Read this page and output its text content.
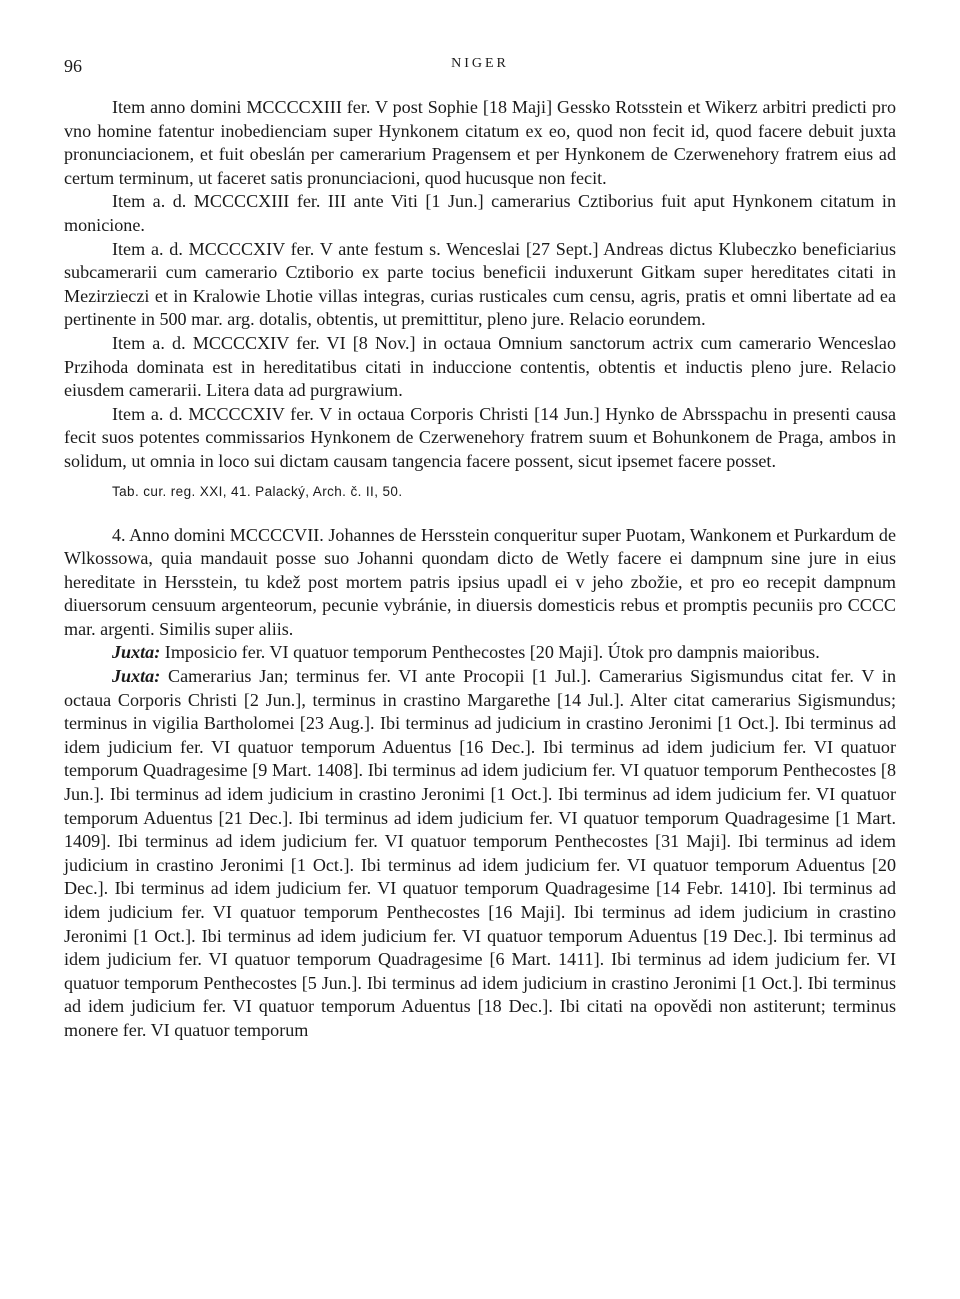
96	NIGER

Item anno domini MCCCCXIII fer. V post Sophie [18 Maji] Gessko Rotsstein et Wikerz arbitri predicti pro vno homine fatentur inobedienciam super Hynkonem citatum ex eo, quod non fecit id, quod facere debuit juxta pronunciacionem, et fuit obeslán per camerarium Pragensem et per Hynkonem de Czerwenehory fratrem eius ad certum terminum, ut faceret satis pronunciacioni, quod hucusque non fecit.

Item a. d. MCCCCXIII fer. III ante Viti [1 Jun.] camerarius Cztiborius fuit aput Hynkonem citatum in monicione.

Item a. d. MCCCCXIV fer. V ante festum s. Wenceslai [27 Sept.] Andreas dictus Klubeczko beneficiarius subcamerarii cum camerario Cztiborio ex parte tocius beneficii induxerunt Gitkam super hereditates citati in Mezirzieczi et in Kralowie Lhotie villas integras, curias rusticales cum censu, agris, pratis et omni libertate ad ea pertinente in 500 mar. arg. dotalis, obtentis, ut premittitur, pleno jure. Relacio eorundem.

Item a. d. MCCCCXIV fer. VI [8 Nov.] in octaua Omnium sanctorum actrix cum camerario Wenceslao Przihoda dominata est in hereditatibus citati in induccione contentis, obtentis et inductis pleno jure. Relacio eiusdem camerarii. Litera data ad purgrawium.

Item a. d. MCCCCXIV fer. V in octaua Corporis Christi [14 Jun.] Hynko de Abrsspachu in presenti causa fecit suos potentes commissarios Hynkonem de Czerwenehory fratrem suum et Bohunkonem de Praga, ambos in solidum, ut omnia in loco sui dictam causam tangencia facere possent, sicut ipsemet facere posset.

Tab. cur. reg. XXI, 41. Palacký, Arch. č. II, 50.

4. Anno domini MCCCCVII. Johannes de Hersstein conqueritur super Puotam, Wankonem et Purkardum de Wlkossowa, quia mandauit posse suo Johanni quondam dicto de Wetly facere ei dampnum sine jure in eius hereditate in Hersstein, tu kdež post mortem patris ipsius upadl ei v jeho zbožie, et pro eo recepit dampnum diuersorum censuum argenteorum, pecunie vybránie, in diuersis domesticis rebus et promptis pecuniis pro CCCC mar. argenti. Similis super aliis.

Juxta: Imposicio fer. VI quatuor temporum Penthecostes [20 Maji]. Útok pro dampnis maioribus.

Juxta: Camerarius Jan; terminus fer. VI ante Procopii [1 Jul.]. Camerarius Sigismundus citat fer. V in octaua Corporis Christi [2 Jun.], terminus in crastino Margarethe [14 Jul.]. Alter citat camerarius Sigismundus; terminus in vigilia Bartholomei [23 Aug.]. Ibi terminus ad judicium in crastino Jeronimi [1 Oct.]. Ibi terminus ad idem judicium fer. VI quatuor temporum Aduentus [16 Dec.]. Ibi terminus ad idem judicium fer. VI quatuor temporum Quadragesime [9 Mart. 1408]. Ibi terminus ad idem judicium fer. VI quatuor temporum Penthecostes [8 Jun.]. Ibi terminus ad idem judicium in crastino Jeronimi [1 Oct.]. Ibi terminus ad idem judicium fer. VI quatuor temporum Aduentus [21 Dec.]. Ibi terminus ad idem judicium fer. VI quatuor temporum Quadragesime [1 Mart. 1409]. Ibi terminus ad idem judicium fer. VI quatuor temporum Penthecostes [31 Maji]. Ibi terminus ad idem judicium in crastino Jeronimi [1 Oct.]. Ibi terminus ad idem judicium fer. VI quatuor temporum Aduentus [20 Dec.]. Ibi terminus ad idem judicium fer. VI quatuor temporum Quadragesime [14 Febr. 1410]. Ibi terminus ad idem judicium fer. VI quatuor temporum Penthecostes [16 Maji]. Ibi terminus ad idem judicium in crastino Jeronimi [1 Oct.]. Ibi terminus ad idem judicium fer. VI quatuor temporum Aduentus [19 Dec.]. Ibi terminus ad idem judicium fer. VI quatuor temporum Quadragesime [6 Mart. 1411]. Ibi terminus ad idem judicium fer. VI quatuor temporum Penthecostes [5 Jun.]. Ibi terminus ad idem judicium in crastino Jeronimi [1 Oct.]. Ibi terminus ad idem judicium fer. VI quatuor temporum Aduentus [18 Dec.]. Ibi citati na opovědi non astiterunt; terminus monere fer. VI quatuor temporum
